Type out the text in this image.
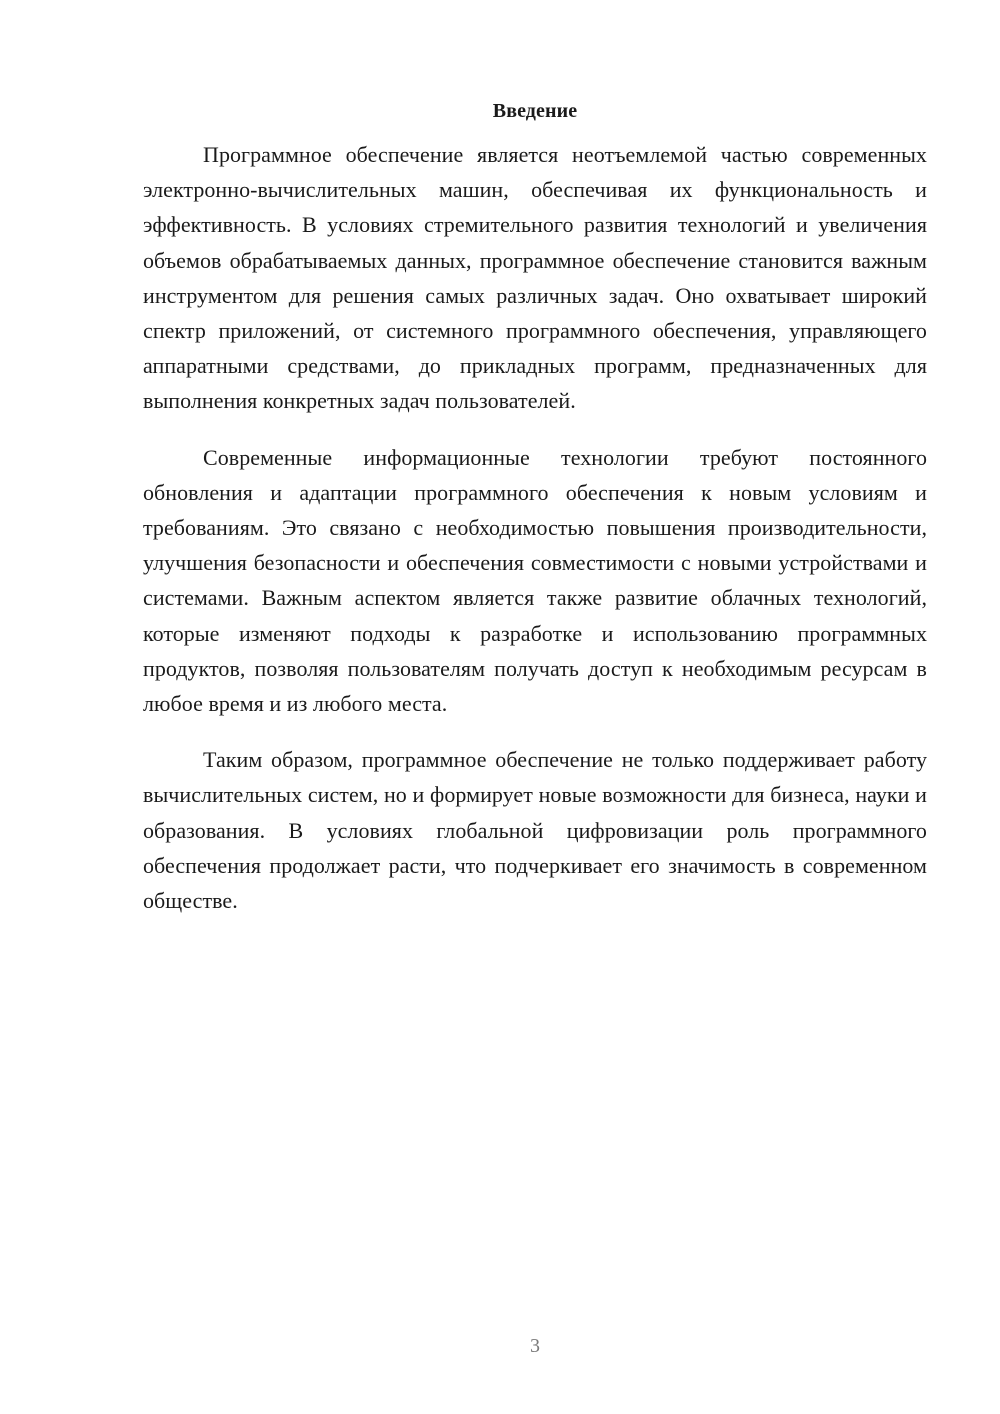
Введение

Программное обеспечение является неотъемлемой частью современных электронно-вычислительных машин, обеспечивая их функциональность и эффективность. В условиях стремительного развития технологий и увеличения объемов обрабатываемых данных, программное обеспечение становится важным инструментом для решения самых различных задач. Оно охватывает широкий спектр приложений, от системного программного обеспечения, управляющего аппаратными средствами, до прикладных программ, предназначенных для выполнения конкретных задач пользователей.

Современные информационные технологии требуют постоянного обновления и адаптации программного обеспечения к новым условиям и требованиям. Это связано с необходимостью повышения производительности, улучшения безопасности и обеспечения совместимости с новыми устройствами и системами. Важным аспектом является также развитие облачных технологий, которые изменяют подходы к разработке и использованию программных продуктов, позволяя пользователям получать доступ к необходимым ресурсам в любое время и из любого места.

Таким образом, программное обеспечение не только поддерживает работу вычислительных систем, но и формирует новые возможности для бизнеса, науки и образования. В условиях глобальной цифровизации роль программного обеспечения продолжает расти, что подчеркивает его значимость в современном обществе.

3
